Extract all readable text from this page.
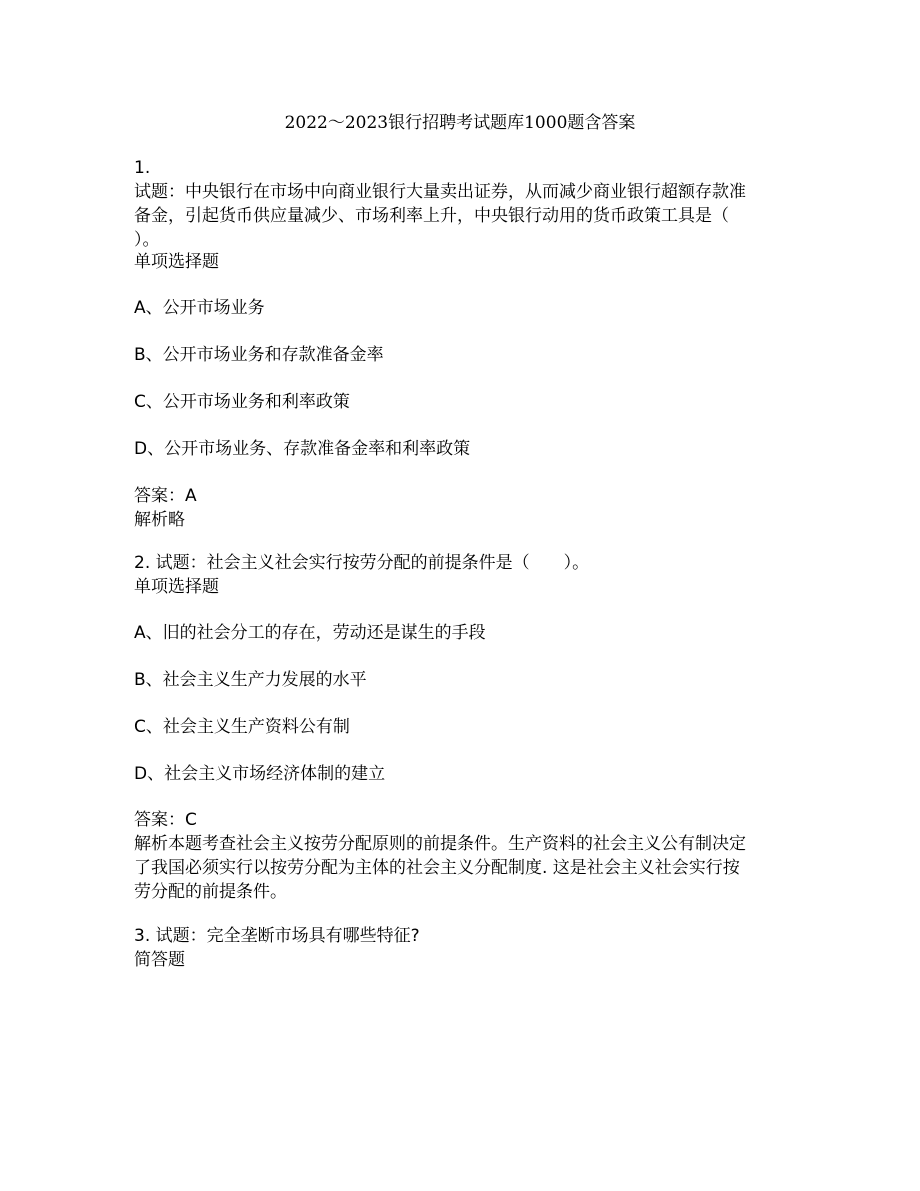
2022～2023银行招聘考试题库1000题含答案
1.
试题：中央银行在市场中向商业银行大量卖出证券，从而减少商业银行超额存款准
备金，引起货币供应量减少、市场利率上升，中央银行动用的货币政策工具是（
）。
单项选择题
A、公开市场业务
B、公开市场业务和存款准备金率
C、公开市场业务和利率政策
D、公开市场业务、存款准备金率和利率政策
答案：A
解析略
2. 试题：社会主义社会实行按劳分配的前提条件是（　　）。
单项选择题
A、旧的社会分工的存在，劳动还是谋生的手段
B、社会主义生产力发展的水平
C、社会主义生产资料公有制
D、社会主义市场经济体制的建立
答案：C
解析本题考查社会主义按劳分配原则的前提条件。生产资料的社会主义公有制决定
了我国必须实行以按劳分配为主体的社会主义分配制度. 这是社会主义社会实行按
劳分配的前提条件。
3. 试题：完全垄断市场具有哪些特征?
简答题
